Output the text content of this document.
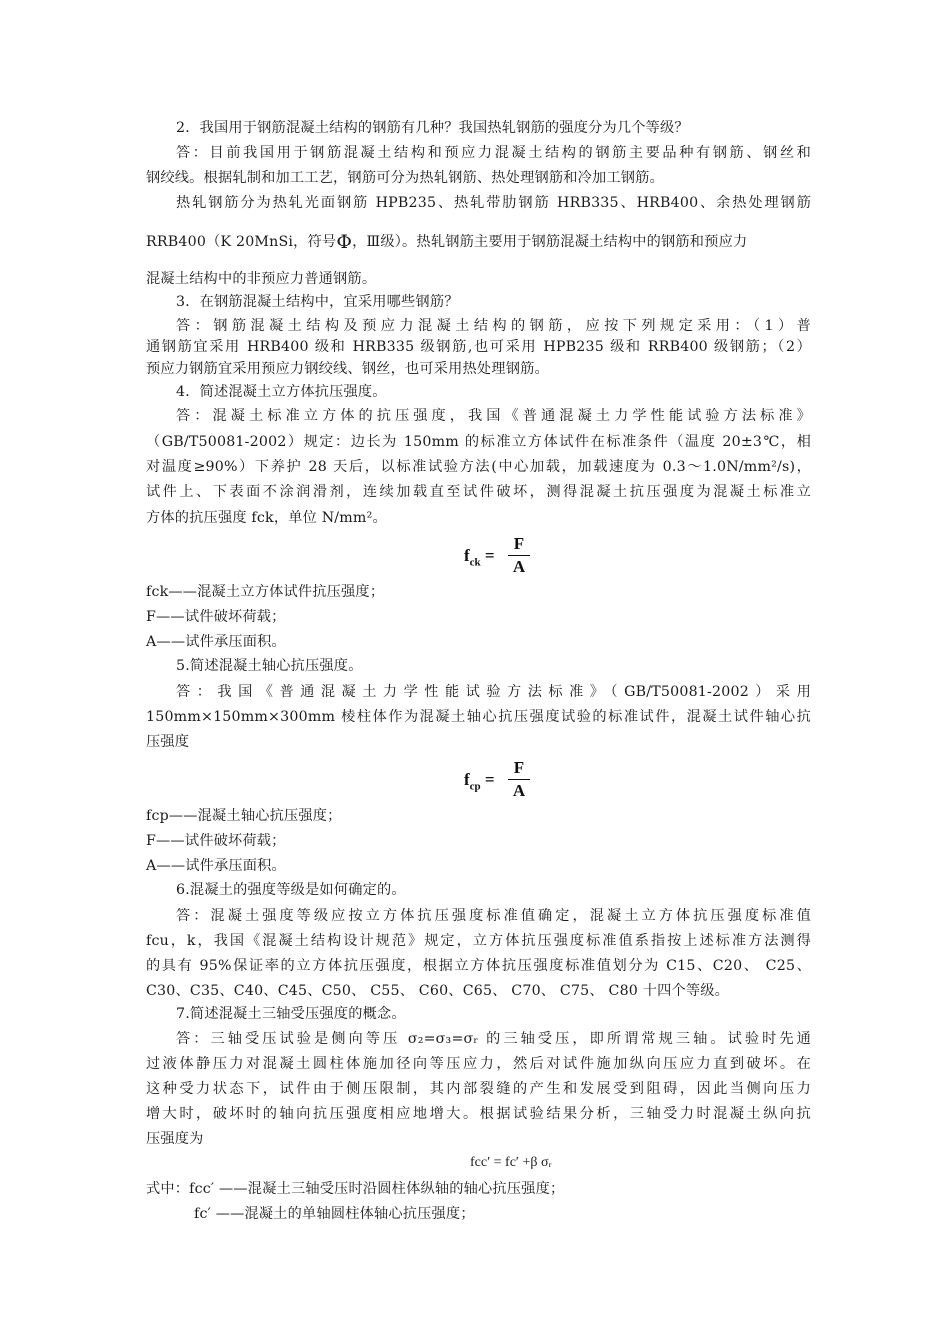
2．我国用于钢筋混凝土结构的钢筋有几种？我国热轧钢筋的强度分为几个等级？
答：目前我国用于钢筋混凝土结构和预应力混凝土结构的钢筋主要品种有钢筋、钢丝和
钢绞线。根据轧制和加工工艺，钢筋可分为热轧钢筋、热处理钢筋和冷加工钢筋。
热轧钢筋分为热轧光面钢筋 HPB235、热轧带肋钢筋 HRB335、HRB400、余热处理钢筋
RRB400（K 20MnSi，符号Φ，Ⅲ级）。热轧钢筋主要用于钢筋混凝土结构中的钢筋和预应力
混凝土结构中的非预应力普通钢筋。
3．在钢筋混凝土结构中，宜采用哪些钢筋？
答：钢筋混凝土结构及预应力混凝土结构的钢筋，应按下列规定采用：（1）普
通钢筋宜采用 HRB400 级和 HRB335 级钢筋,也可采用 HPB235 级和 RRB400 级钢筋；（2）
预应力钢筋宜采用预应力钢绞线、钢丝，也可采用热处理钢筋。
4．简述混凝土立方体抗压强度。
答：混凝土标准立方体的抗压强度，我国《普通混凝土力学性能试验方法标准》
（GB/T50081-2002）规定：边长为 150mm 的标准立方体试件在标准条件（温度 20±3℃，相
对温度≥90%）下养护 28 天后，以标准试验方法(中心加载，加载速度为 0.3～1.0N/mm²/s)，
试件上、下表面不涂润滑剂，连续加载直至试件破坏，测得混凝土抗压强度为混凝土标准立
方体的抗压强度 fck，单位 N/mm²。
$f_{ck}$ =
F
A
fck——混凝土立方体试件抗压强度；
F——试件破坏荷载；
A——试件承压面积。
5.简述混凝土轴心抗压强度。
答：我国《普通混凝土力学性能试验方法标准》（GB/T50081-2002）采用
150mm×150mm×300mm 棱柱体作为混凝土轴心抗压强度试验的标准试件，混凝土试件轴心抗
压强度
$f_{cp}$ =
F
A
fcp——混凝土轴心抗压强度；
F——试件破坏荷载；
A——试件承压面积。
6.混凝土的强度等级是如何确定的。
答：混凝土强度等级应按立方体抗压强度标准值确定，混凝土立方体抗压强度标准值
fcu，k，我国《混凝土结构设计规范》规定，立方体抗压强度标准值系指按上述标准方法测得
的具有 95%保证率的立方体抗压强度，根据立方体抗压强度标准值划分为 C15、C20、 C25、
C30、C35、C40、C45、C50、 C55、 C60、C65、 C70、 C75、 C80 十四个等级。
7.简述混凝土三轴受压强度的概念。
答：三轴受压试验是侧向等压 σ₂=σ₃=σᵣ 的三轴受压，即所谓常规三轴。试验时先通
过液体静压力对混凝土圆柱体施加径向等压应力，然后对试件施加纵向压应力直到破坏。在
这种受力状态下，试件由于侧压限制，其内部裂缝的产生和发展受到阻碍，因此当侧向压力
增大时，破坏时的轴向抗压强度相应地增大。根据试验结果分析，三轴受力时混凝土纵向抗
压强度为
fcc′ = fc′ +β σᵣ
式中：fcc′ ——混凝土三轴受压时沿圆柱体纵轴的轴心抗压强度；
fc′ ——混凝土的单轴圆柱体轴心抗压强度；
